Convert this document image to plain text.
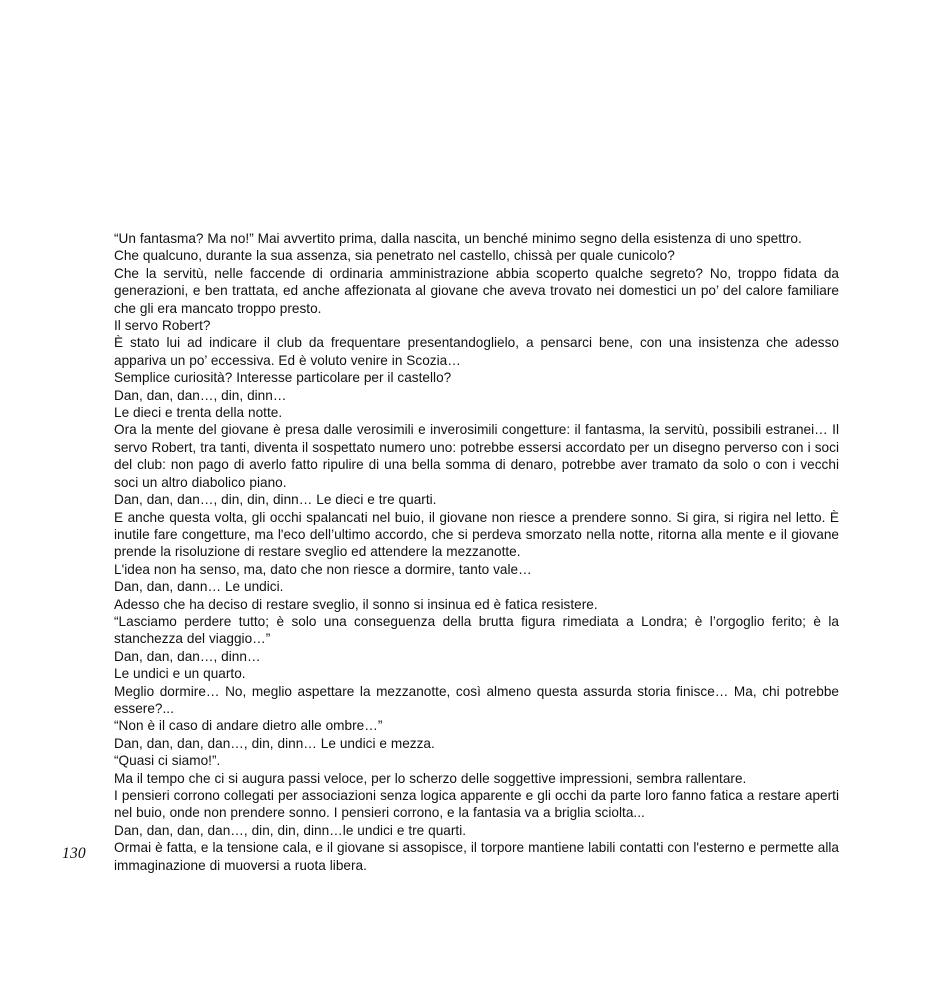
130

“Un fantasma? Ma no!” Mai avvertito prima, dalla nascita, un benché minimo segno della esistenza di uno spettro.

Che qualcuno, durante la sua assenza, sia penetrato nel castello, chissà per quale cunicolo?

Che la servitù, nelle faccende di ordinaria amministrazione abbia scoperto qualche segreto? No, troppo fidata da generazioni, e ben trattata, ed anche affezionata al giovane che aveva trovato nei domestici un po’ del calore familiare che gli era mancato troppo presto.

Il servo Robert?

È stato lui ad indicare il club da frequentare presentandoglielo, a pensarci bene, con una insistenza che adesso appariva un po’ eccessiva. Ed è voluto venire in Scozia…

Semplice curiosità? Interesse particolare per il castello?

Dan, dan, dan…, din, dinn…

Le dieci e trenta della notte.

Ora la mente del giovane è presa dalle verosimili e inverosimili congetture: il fantasma, la servitù, possibili estranei… Il servo Robert, tra tanti, diventa il sospettato numero uno: potrebbe essersi accordato per un disegno perverso con i soci del club: non pago di averlo fatto ripulire di una bella somma di denaro, potrebbe aver tramato da solo o con i vecchi soci un altro diabolico piano.

Dan, dan, dan…, din, din, dinn… Le dieci e tre quarti.

E anche questa volta, gli occhi spalancati nel buio, il giovane non riesce a prendere sonno. Si gira, si rigira nel letto. È inutile fare congetture, ma l'eco dell’ultimo accordo, che si perdeva smorzato nella notte, ritorna alla mente e il giovane prende la risoluzione di restare sveglio ed attendere la mezzanotte.

L'idea non ha senso, ma, dato che non riesce a dormire, tanto vale…

Dan, dan, dann… Le undici.

Adesso che ha deciso di restare sveglio, il sonno si insinua ed è fatica resistere.

“Lasciamo perdere tutto; è solo una conseguenza della brutta figura rimediata a Londra; è l’orgoglio ferito; è la stanchezza del viaggio…”

Dan, dan, dan…, dinn…

Le undici e un quarto.

Meglio dormire… No, meglio aspettare la mezzanotte, così almeno questa assurda storia finisce… Ma, chi potrebbe essere?...

“Non è il caso di andare dietro alle ombre…”

Dan, dan, dan, dan…, din, dinn… Le undici e mezza.

“Quasi ci siamo!”.

Ma il tempo che ci si augura passi veloce, per lo scherzo delle soggettive impressioni, sembra rallentare.

I pensieri corrono collegati per associazioni senza logica apparente e gli occhi da parte loro fanno fatica a restare aperti nel buio, onde non prendere sonno. I pensieri corrono, e la fantasia va a briglia sciolta...

Dan, dan, dan, dan…, din, din, dinn…le undici e tre quarti.

Ormai è fatta, e la tensione cala, e il giovane si assopisce, il torpore mantiene labili contatti con l'esterno e permette alla immaginazione di muoversi a ruota libera.
